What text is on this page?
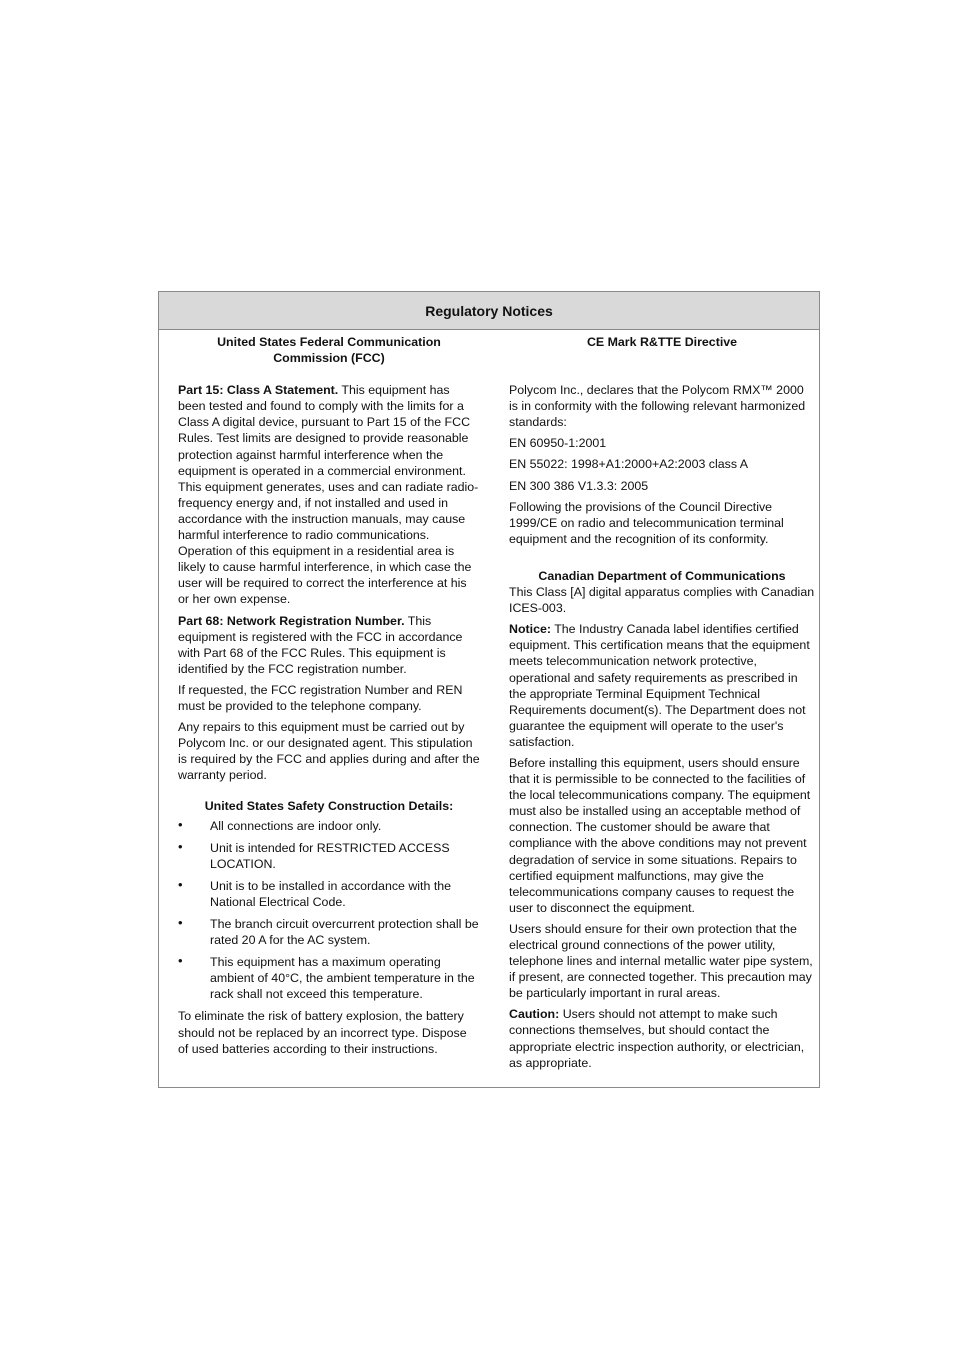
Regulatory Notices

United States Federal Communication Commission (FCC)

Part 15: Class A Statement. This equipment has been tested and found to comply with the limits for a Class A digital device, pursuant to Part 15 of the FCC Rules. Test limits are designed to provide reasonable protection against harmful interference when the equipment is operated in a commercial environment. This equipment generates, uses and can radiate radio-frequency energy and, if not installed and used in accordance with the instruction manuals, may cause harmful interference to radio communications. Operation of this equipment in a residential area is likely to cause harmful interference, in which case the user will be required to correct the interference at his or her own expense.

Part 68: Network Registration Number. This equipment is registered with the FCC in accordance with Part 68 of the FCC Rules. This equipment is identified by the FCC registration number.

If requested, the FCC registration Number and REN must be provided to the telephone company.

Any repairs to this equipment must be carried out by Polycom Inc. or our designated agent. This stipulation is required by the FCC and applies during and after the warranty period.

United States Safety Construction Details:

• All connections are indoor only.
• Unit is intended for RESTRICTED ACCESS LOCATION.
• Unit is to be installed in accordance with the National Electrical Code.
• The branch circuit overcurrent protection shall be rated 20 A for the AC system.
• This equipment has a maximum operating ambient of 40°C, the ambient temperature in the rack shall not exceed this temperature.

To eliminate the risk of battery explosion, the battery should not be replaced by an incorrect type. Dispose of used batteries according to their instructions.

CE Mark R&TTE Directive

Polycom Inc., declares that the Polycom RMX™ 2000 is in conformity with the following relevant harmonized standards:

EN 60950-1:2001

EN 55022: 1998+A1:2000+A2:2003 class A

EN 300 386 V1.3.3: 2005

Following the provisions of the Council Directive 1999/CE on radio and telecommunication terminal equipment and the recognition of its conformity.

Canadian Department of Communications

This Class [A] digital apparatus complies with Canadian ICES-003.

Notice: The Industry Canada label identifies certified equipment. This certification means that the equipment meets telecommunication network protective, operational and safety requirements as prescribed in the appropriate Terminal Equipment Technical Requirements document(s). The Department does not guarantee the equipment will operate to the user's satisfaction.

Before installing this equipment, users should ensure that it is permissible to be connected to the facilities of the local telecommunications company. The equipment must also be installed using an acceptable method of connection. The customer should be aware that compliance with the above conditions may not prevent degradation of service in some situations. Repairs to certified equipment malfunctions, may give the telecommunications company causes to request the user to disconnect the equipment.

Users should ensure for their own protection that the electrical ground connections of the power utility, telephone lines and internal metallic water pipe system, if present, are connected together. This precaution may be particularly important in rural areas.

Caution: Users should not attempt to make such connections themselves, but should contact the appropriate electric inspection authority, or electrician, as appropriate.
